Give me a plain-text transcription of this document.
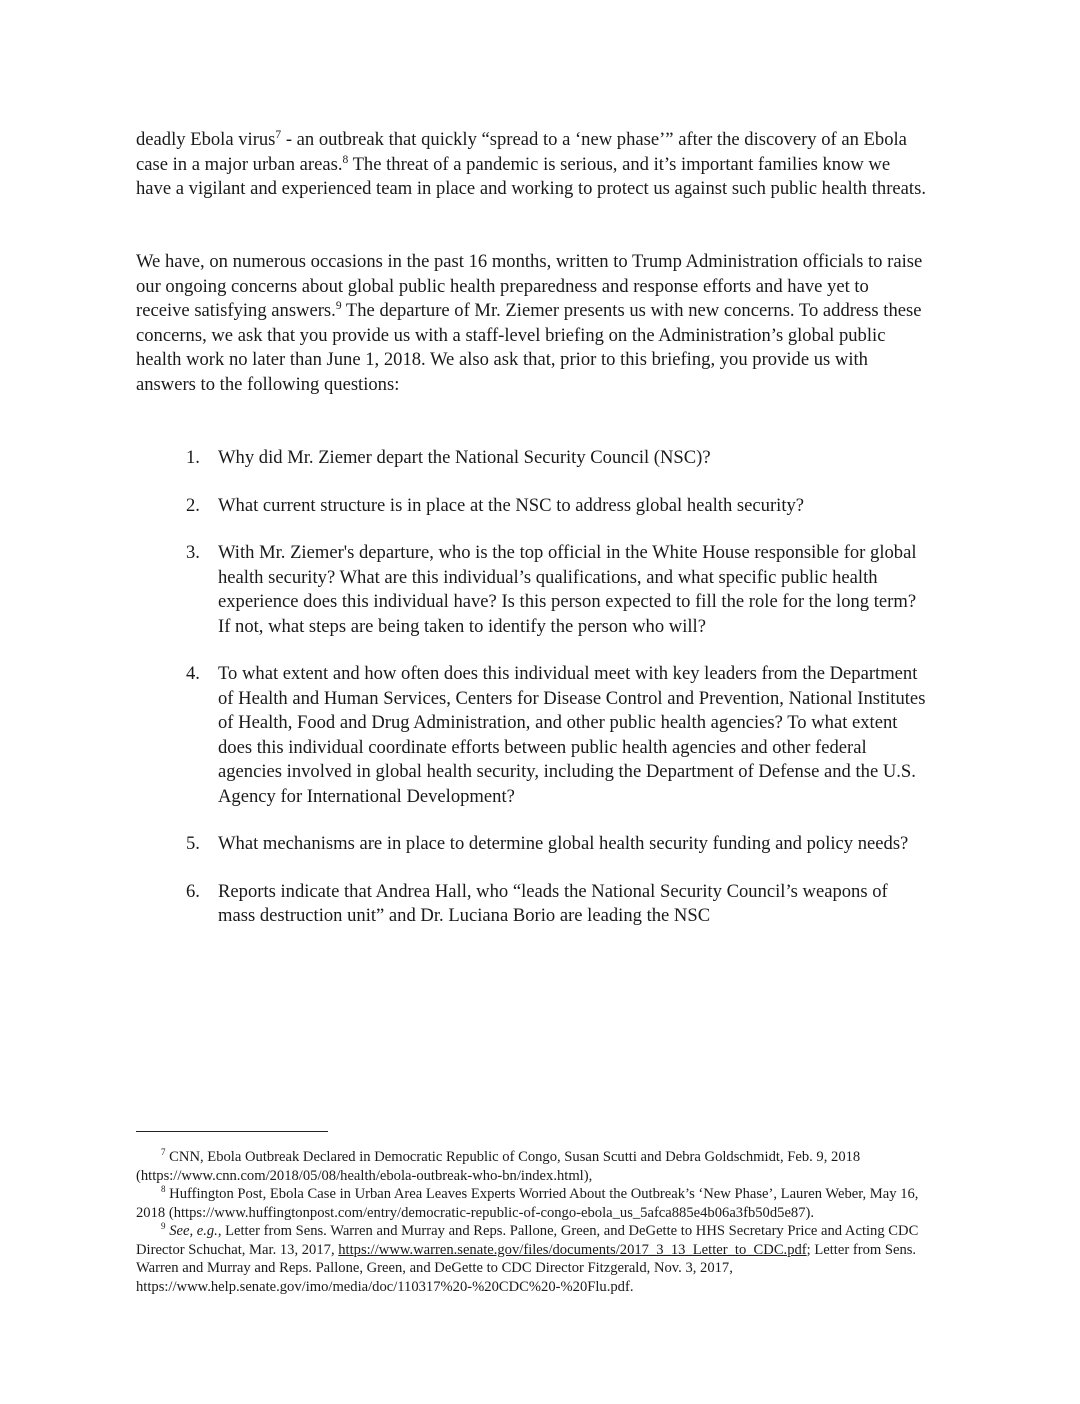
deadly Ebola virus$^7$ - an outbreak that quickly “spread to a ‘new phase’” after the discovery of an Ebola case in a major urban areas.$^8$ The threat of a pandemic is serious, and it’s important families know we have a vigilant and experienced team in place and working to protect us against such public health threats.

We have, on numerous occasions in the past 16 months, written to Trump Administration officials to raise our ongoing concerns about global public health preparedness and response efforts and have yet to receive satisfying answers.$^9$ The departure of Mr. Ziemer presents us with new concerns. To address these concerns, we ask that you provide us with a staff-level briefing on the Administration’s global public health work no later than June 1, 2018. We also ask that, prior to this briefing, you provide us with answers to the following questions:

1. Why did Mr. Ziemer depart the National Security Council (NSC)?
2. What current structure is in place at the NSC to address global health security?
3. With Mr. Ziemer's departure, who is the top official in the White House responsible for global health security? What are this individual’s qualifications, and what specific public health experience does this individual have? Is this person expected to fill the role for the long term? If not, what steps are being taken to identify the person who will?
4. To what extent and how often does this individual meet with key leaders from the Department of Health and Human Services, Centers for Disease Control and Prevention, National Institutes of Health, Food and Drug Administration, and other public health agencies? To what extent does this individual coordinate efforts between public health agencies and other federal agencies involved in global health security, including the Department of Defense and the U.S. Agency for International Development?
5. What mechanisms are in place to determine global health security funding and policy needs?
6. Reports indicate that Andrea Hall, who “leads the National Security Council’s weapons of mass destruction unit” and Dr. Luciana Borio are leading the NSC

$^7$ CNN, Ebola Outbreak Declared in Democratic Republic of Congo, Susan Scutti and Debra Goldschmidt, Feb. 9, 2018 (https://www.cnn.com/2018/05/08/health/ebola-outbreak-who-bn/index.html),

$^8$ Huffington Post, Ebola Case in Urban Area Leaves Experts Worried About the Outbreak’s ‘New Phase’, Lauren Weber, May 16, 2018 (https://www.huffingtonpost.com/entry/democratic-republic-of-congo-ebola_us_5afca885e4b06a3fb50d5e87).

$^9$ See, e.g., Letter from Sens. Warren and Murray and Reps. Pallone, Green, and DeGette to HHS Secretary Price and Acting CDC Director Schuchat, Mar. 13, 2017, https://www.warren.senate.gov/files/documents/2017_3_13_Letter_to_CDC.pdf; Letter from Sens. Warren and Murray and Reps. Pallone, Green, and DeGette to CDC Director Fitzgerald, Nov. 3, 2017, https://www.help.senate.gov/imo/media/doc/110317%20-%20CDC%20-%20Flu.pdf.
